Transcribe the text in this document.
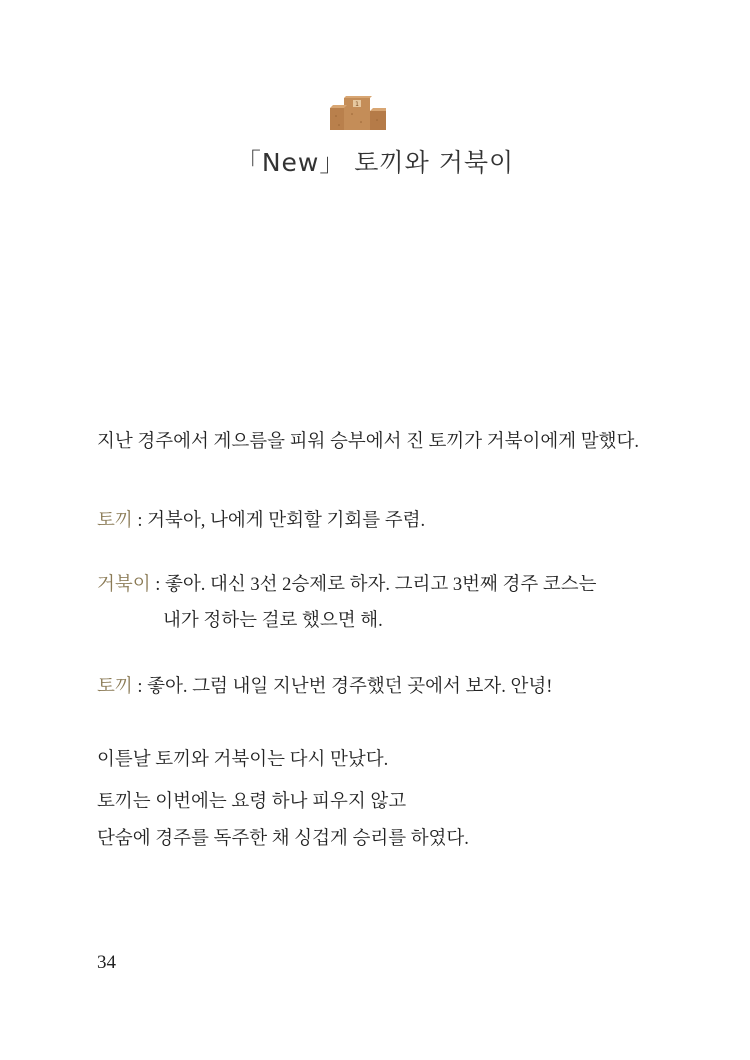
1
「New」 토끼와 거북이
지난 경주에서 게으름을 피워 승부에서 진 토끼가 거북이에게 말했다.
토끼 : 거북아, 나에게 만회할 기회를 주렴.
거북이 : 좋아. 대신 3선 2승제로 하자. 그리고 3번째 경주 코스는
내가 정하는 걸로 했으면 해.
토끼 : 좋아. 그럼 내일 지난번 경주했던 곳에서 보자. 안녕!
이튿날 토끼와 거북이는 다시 만났다.
토끼는 이번에는 요령 하나 피우지 않고
단숨에 경주를 독주한 채 싱겁게 승리를 하였다.
34
